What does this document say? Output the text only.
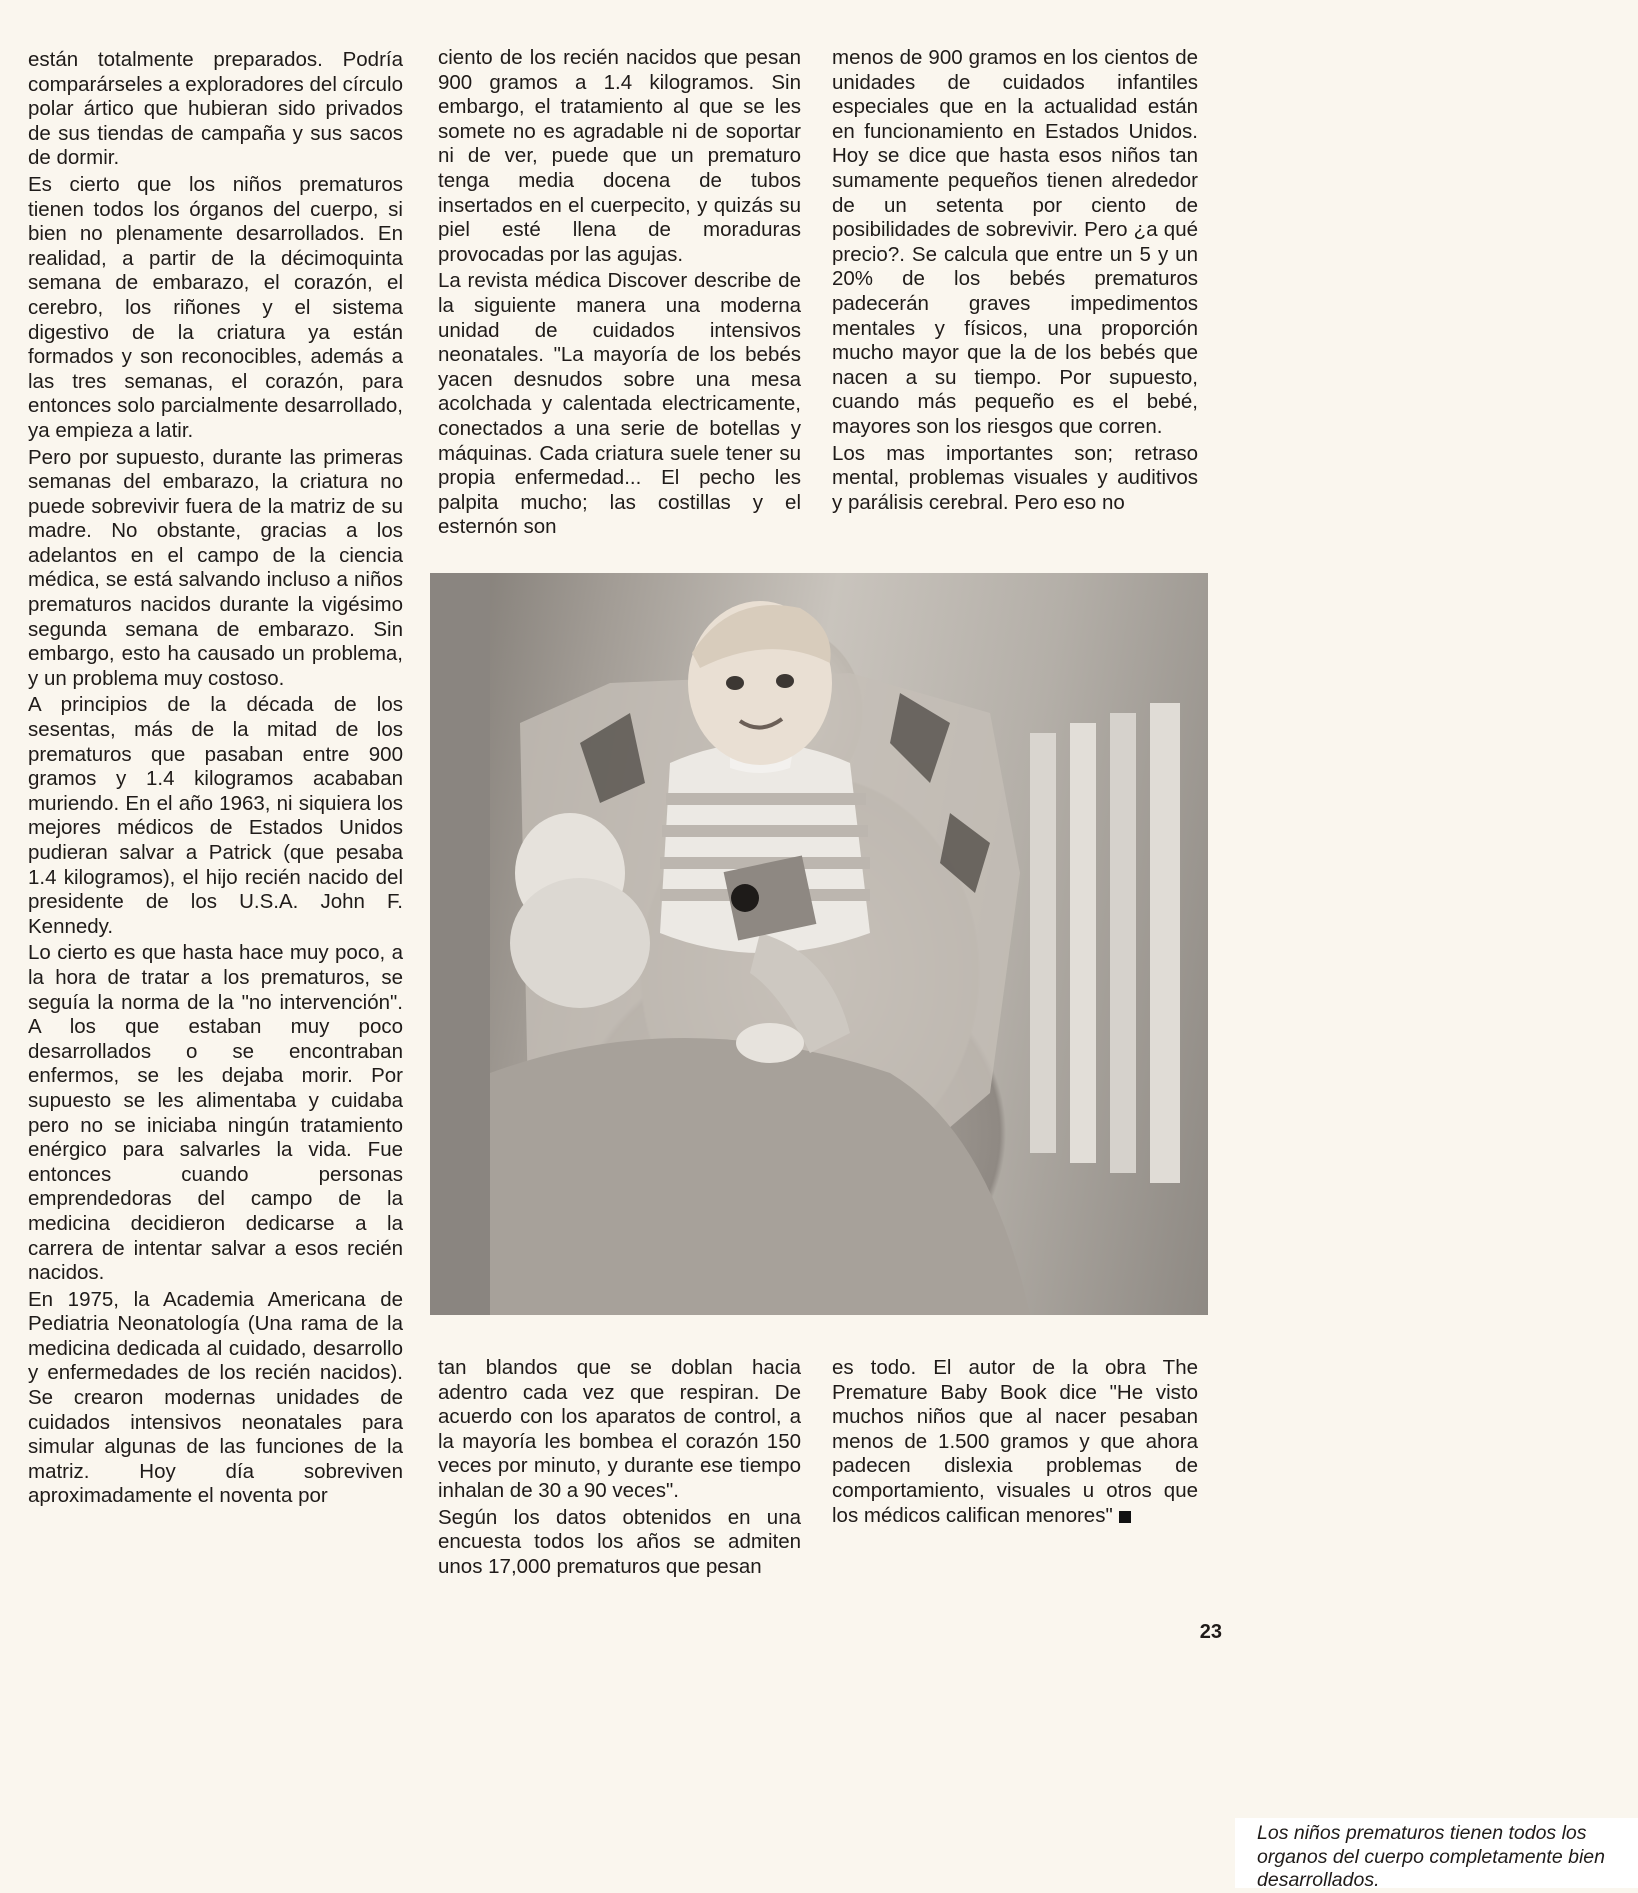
están totalmente preparados. Podría comparárseles a exploradores del círculo polar ártico que hubieran sido privados de sus tiendas de campaña y sus sacos de dormir.

Es cierto que los niños prematuros tienen todos los órganos del cuerpo, si bien no plenamente desarrollados. En realidad, a partir de la décimoquinta semana de embarazo, el corazón, el cerebro, los riñones y el sistema digestivo de la criatura ya están formados y son reconocibles, además a las tres semanas, el corazón, para entonces solo parcialmente desarrollado, ya empieza a latir.

Pero por supuesto, durante las primeras semanas del embarazo, la criatura no puede sobrevivir fuera de la matriz de su madre. No obstante, gracias a los adelantos en el campo de la ciencia médica, se está salvando incluso a niños prematuros nacidos durante la vigésimo segunda semana de embarazo. Sin embargo, esto ha causado un problema, y un problema muy costoso.

A principios de la década de los sesentas, más de la mitad de los prematuros que pasaban entre 900 gramos y 1.4 kilogramos acababan muriendo. En el año 1963, ni siquiera los mejores médicos de Estados Unidos pudieran salvar a Patrick (que pesaba 1.4 kilogramos), el hijo recién nacido del presidente de los U.S.A. John F. Kennedy.

Lo cierto es que hasta hace muy poco, a la hora de tratar a los prematuros, se seguía la norma de la "no intervención". A los que estaban muy poco desarrollados o se encontraban enfermos, se les dejaba morir. Por supuesto se les alimentaba y cuidaba pero no se iniciaba ningún tratamiento enérgico para salvarles la vida. Fue entonces cuando personas emprendedoras del campo de la medicina decidieron dedicarse a la carrera de intentar salvar a esos recién nacidos.

En 1975, la Academia Americana de Pediatria Neonatología (Una rama de la medicina dedicada al cuidado, desarrollo y enfermedades de los recién nacidos). Se crearon modernas unidades de cuidados intensivos neonatales para simular algunas de las funciones de la matriz. Hoy día sobreviven aproximadamente el noventa por

ciento de los recién nacidos que pesan 900 gramos a 1.4 kilogramos. Sin embargo, el tratamiento al que se les somete no es agradable ni de soportar ni de ver, puede que un prematuro tenga media docena de tubos insertados en el cuerpecito, y quizás su piel esté llena de moraduras provocadas por las agujas.

La revista médica Discover describe de la siguiente manera una moderna unidad de cuidados intensivos neonatales. "La mayoría de los bebés yacen desnudos sobre una mesa acolchada y calentada electricamente, conectados a una serie de botellas y máquinas. Cada criatura suele tener su propia enfermedad... El pecho les palpita mucho; las costillas y el esternón son

menos de 900 gramos en los cientos de unidades de cuidados infantiles especiales que en la actualidad están en funcionamiento en Estados Unidos. Hoy se dice que hasta esos niños tan sumamente pequeños tienen alrededor de un setenta por ciento de posibilidades de sobrevivir. Pero ¿a qué precio?. Se calcula que entre un 5 y un 20% de los bebés prematuros padecerán graves impedimentos mentales y físicos, una proporción mucho mayor que la de los bebés que nacen a su tiempo. Por supuesto, cuando más pequeño es el bebé, mayores son los riesgos que corren.

Los mas importantes son; retraso mental, problemas visuales y auditivos y parálisis cerebral. Pero eso no

Los niños prematuros tienen todos los organos del cuerpo completamente bien desarrollados.

tan blandos que se doblan hacia adentro cada vez que respiran. De acuerdo con los aparatos de control, a la mayoría les bombea el corazón 150 veces por minuto, y durante ese tiempo inhalan de 30 a 90 veces".

Según los datos obtenidos en una encuesta todos los años se admiten unos 17,000 prematuros que pesan

es todo. El autor de la obra The Premature Baby Book dice "He visto muchos niños que al nacer pesaban menos de 1.500 gramos y que ahora padecen dislexia problemas de comportamiento, visuales u otros que los médicos califican menores"

23
